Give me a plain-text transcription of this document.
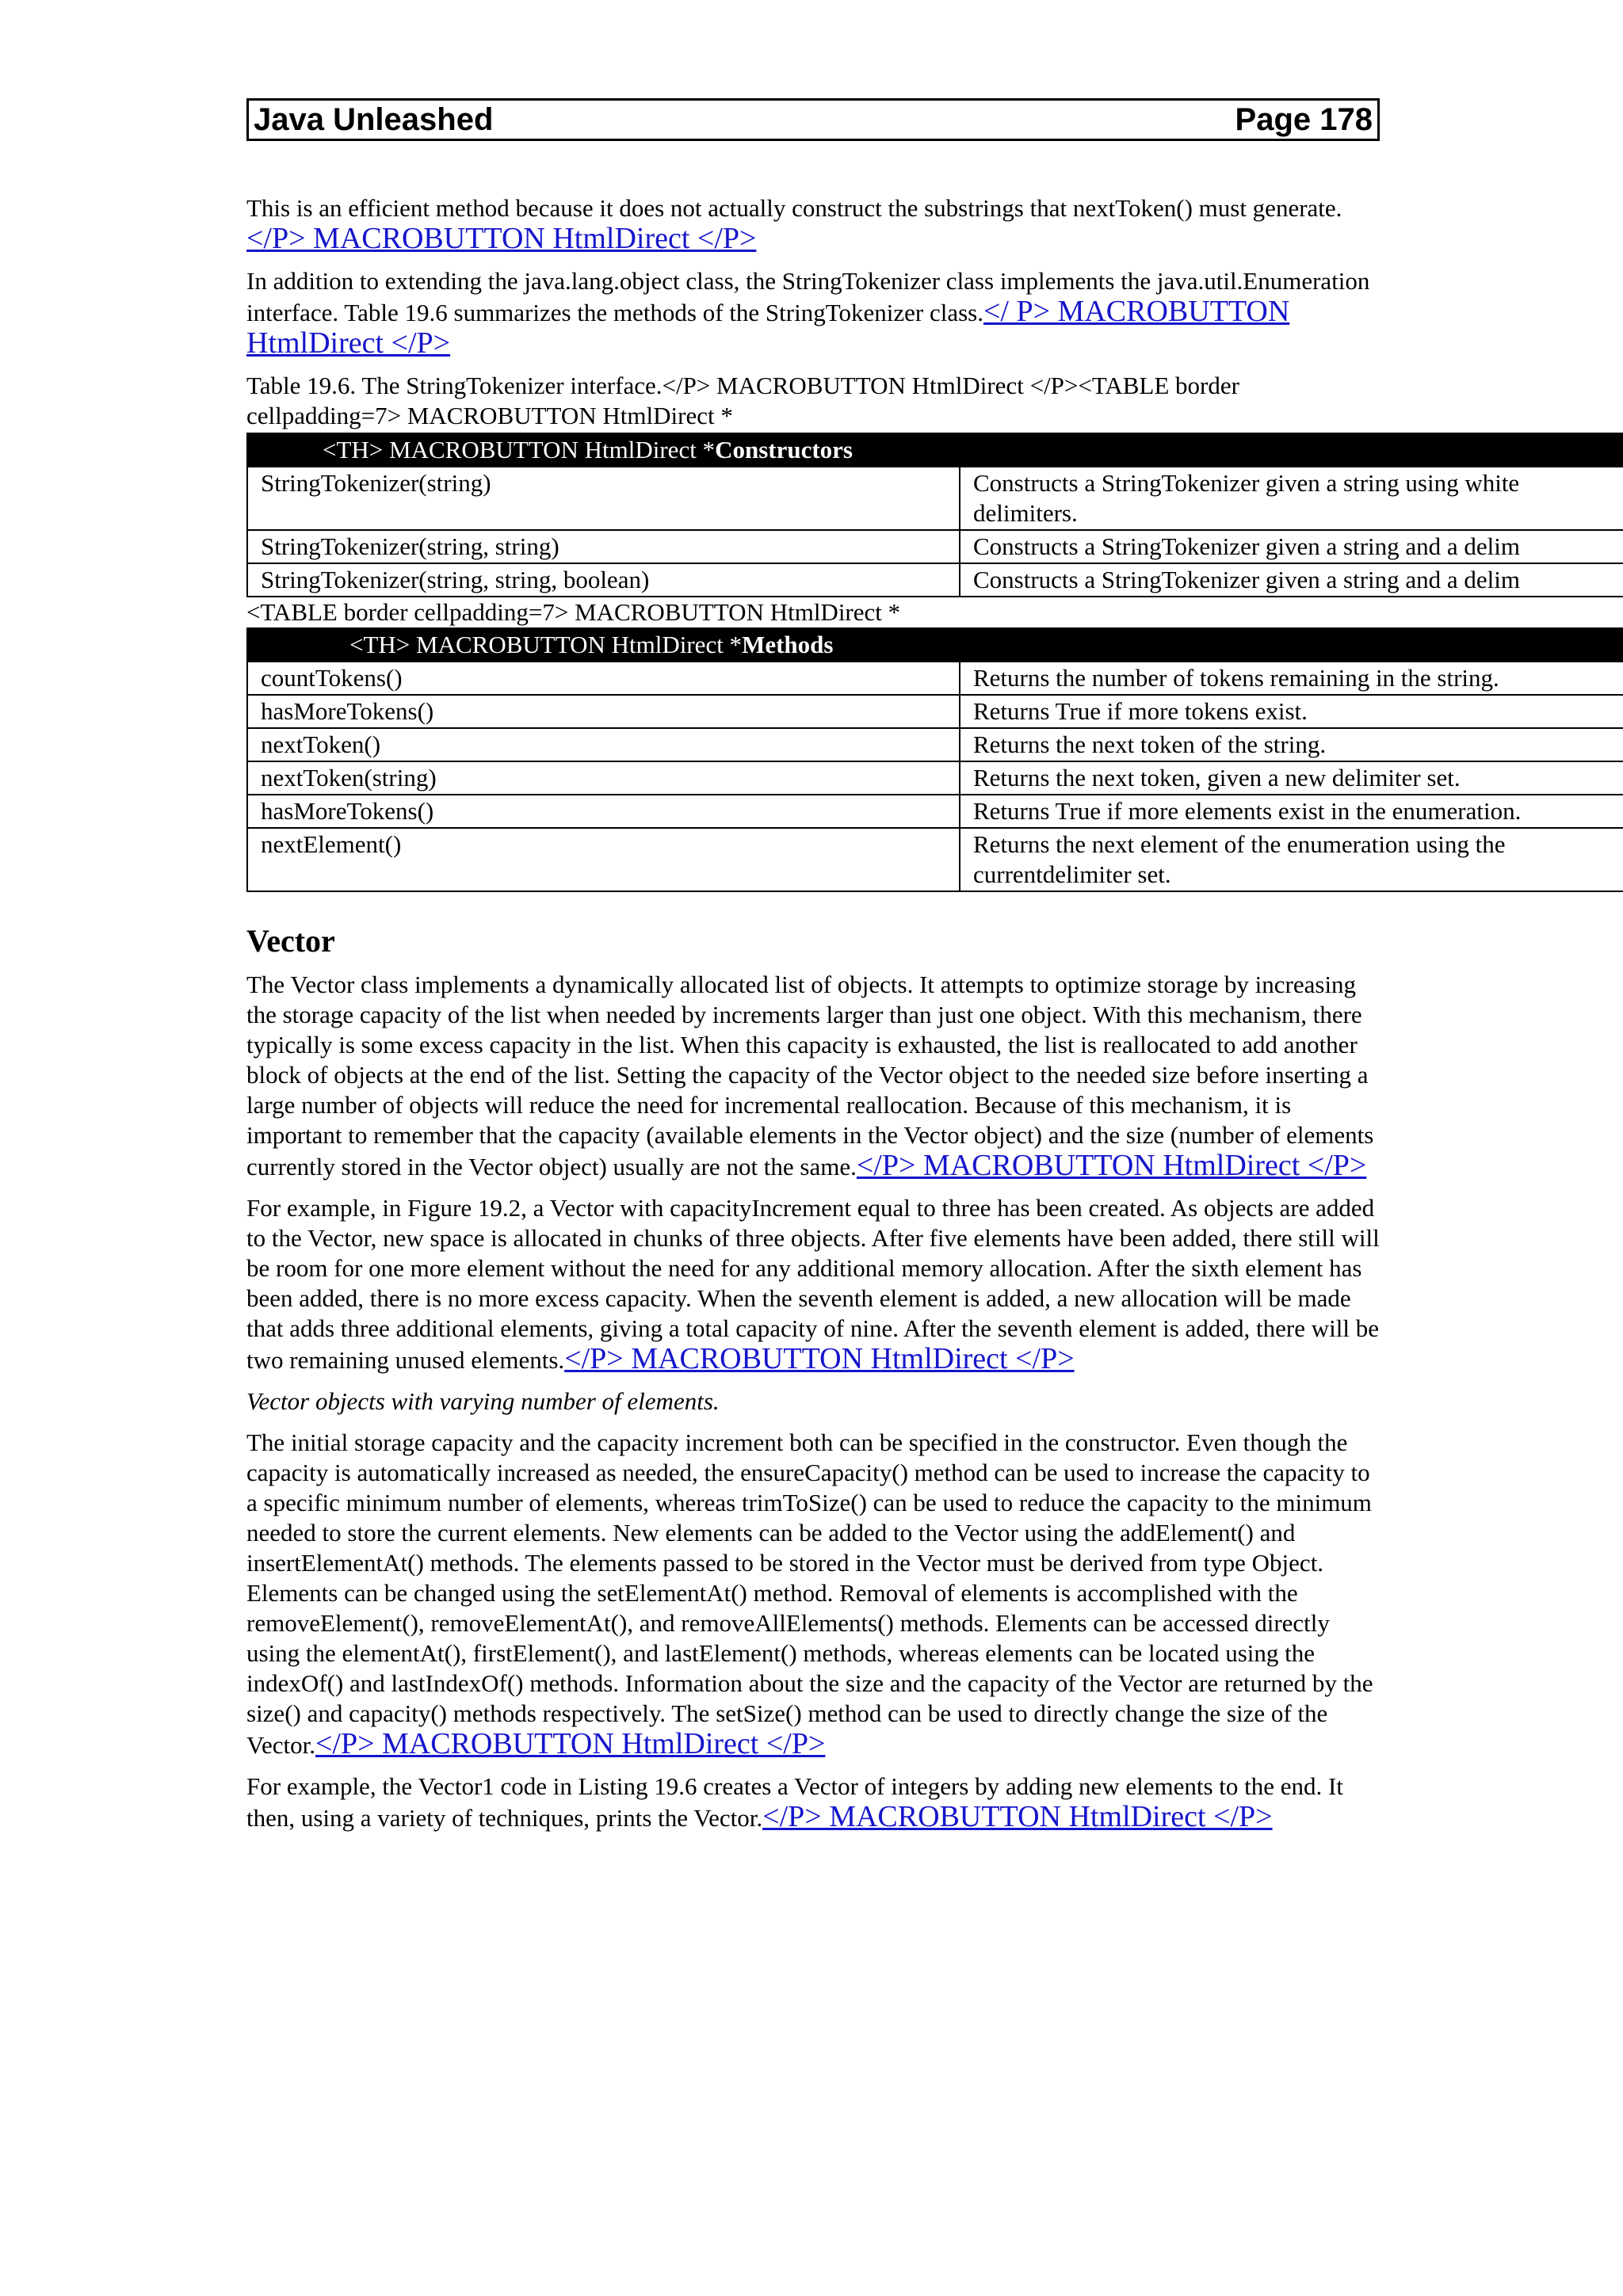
Java Unleashed	Page 178

This is an efficient method because it does not actually construct the substrings that nextToken() must generate.</P> MACROBUTTON HtmlDirect </P>

In addition to extending the java.lang.object class, the StringTokenizer class implements the java.util.Enumeration interface. Table 19.6 summarizes the methods of the StringTokenizer class.</ P> MACROBUTTON HtmlDirect </P>

Table 19.6. The StringTokenizer interface.</P> MACROBUTTON HtmlDirect </P><TABLE border cellpadding=7> MACROBUTTON HtmlDirect *

<TH> MACROBUTTON HtmlDirect *Constructors	
StringTokenizer(string)	Constructs a StringTokenizer given a string using white
delimiters.
StringTokenizer(string, string)	Constructs a StringTokenizer given a string and a delim
StringTokenizer(string, string, boolean)	Constructs a StringTokenizer given a string and a delim

<TABLE border cellpadding=7> MACROBUTTON HtmlDirect *

<TH> MACROBUTTON HtmlDirect *Methods	
countTokens()	Returns the number of tokens remaining in the string.
hasMoreTokens()	Returns True if more tokens exist.
nextToken()	Returns the next token of the string.
nextToken(string)	Returns the next token, given a new delimiter set.
hasMoreTokens()	Returns True if more elements exist in the enumeration.
nextElement()	Returns the next element of the enumeration using the currentdelimiter set.
Vector

The Vector class implements a dynamically allocated list of objects. It attempts to optimize storage by increasing the storage capacity of the list when needed by increments larger than just one object. With this mechanism, there typically is some excess capacity in the list. When this capacity is exhausted, the list is reallocated to add another block of objects at the end of the list. Setting the capacity of the Vector object to the needed size before inserting a large number of objects will reduce the need for incremental reallocation. Because of this mechanism, it is important to remember that the capacity (available elements in the Vector object) and the size (number of elements currently stored in the Vector object) usually are not the same.</P> MACROBUTTON HtmlDirect </P>

For example, in Figure 19.2, a Vector with capacityIncrement equal to three has been created. As objects are added to the Vector, new space is allocated in chunks of three objects. After five elements have been added, there still will be room for one more element without the need for any additional memory allocation. After the sixth element has been added, there is no more excess capacity. When the seventh element is added, a new allocation will be made that adds three additional elements, giving a total capacity of nine. After the seventh element is added, there will be two remaining unused elements.</P> MACROBUTTON HtmlDirect </P>

Vector objects with varying number of elements.

The initial storage capacity and the capacity increment both can be specified in the constructor. Even though the capacity is automatically increased as needed, the ensureCapacity() method can be used to increase the capacity to a specific minimum number of elements, whereas trimToSize() can be used to reduce the capacity to the minimum needed to store the current elements. New elements can be added to the Vector using the addElement() and insertElementAt() methods. The elements passed to be stored in the Vector must be derived from type Object. Elements can be changed using the setElementAt() method. Removal of elements is accomplished with the removeElement(), removeElementAt(), and removeAllElements() methods. Elements can be accessed directly using the elementAt(), firstElement(), and lastElement() methods, whereas elements can be located using the indexOf() and lastIndexOf() methods. Information about the size and the capacity of the Vector are returned by the size() and capacity() methods respectively. The setSize() method can be used to directly change the size of the Vector.</P> MACROBUTTON HtmlDirect </P>

For example, the Vector1 code in Listing 19.6 creates a Vector of integers by adding new elements to the end. It then, using a variety of techniques, prints the Vector.</P> MACROBUTTON HtmlDirect </P>
